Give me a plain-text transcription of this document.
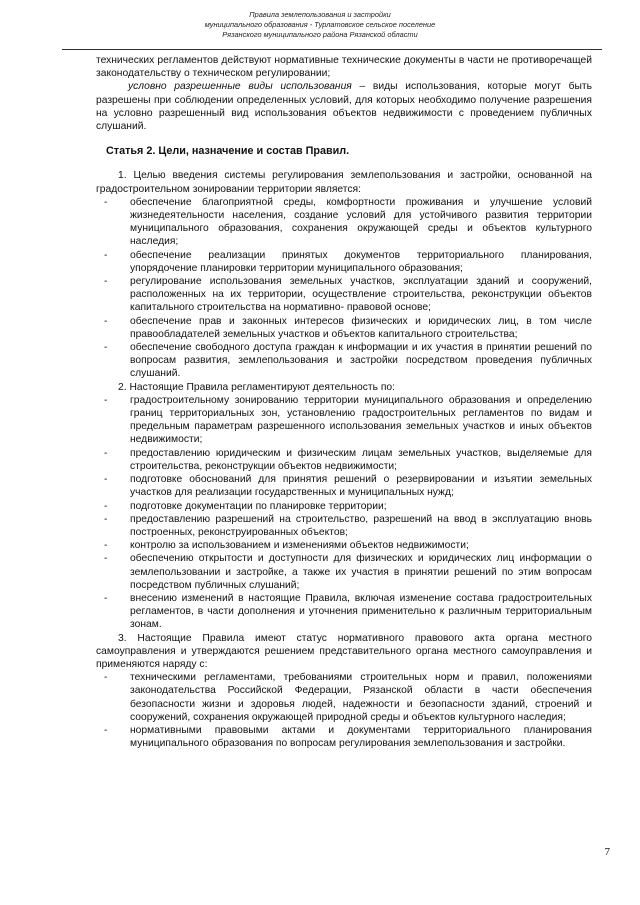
Правила землепользования и застройки
муниципального образования - Турлатовское сельское поселение
Рязанского муниципального района Рязанской области

технических регламентов действуют нормативные технические документы в части не противоречащей законодательству о техническом регулировании;

условно разрешенные виды использования – виды использования, которые могут быть разрешены при соблюдении определенных условий, для которых необходимо получение разрешения на условно разрешенный вид использования объектов недвижимости с проведением публичных слушаний.

Статья 2. Цели, назначение и состав Правил.

1. Целью введения системы регулирования землепользования и застройки, основанной на градостроительном зонировании территории является:

- обеспечение благоприятной среды, комфортности проживания и улучшение условий жизнедеятельности населения, создание условий для устойчивого развития территории муниципального образования, сохранения окружающей среды и объектов культурного наследия;
- обеспечение реализации принятых документов территориального планирования, упорядочение планировки территории муниципального образования;
- регулирование использования земельных участков, эксплуатации зданий и сооружений, расположенных на их территории, осуществление строительства, реконструкции объектов капитального строительства на нормативно- правовой основе;
- обеспечение прав и законных интересов физических и юридических лиц, в том числе правообладателей земельных участков и объектов капитального строительства;
- обеспечение свободного доступа граждан к информации и их участия в принятии решений по вопросам развития, землепользования и застройки посредством проведения публичных слушаний.

2. Настоящие Правила регламентируют деятельность по:

- градостроительному зонированию территории муниципального образования и определению границ территориальных зон, установлению градостроительных регламентов по видам и предельным параметрам разрешенного использования земельных участков и иных объектов недвижимости;
- предоставлению юридическим и физическим лицам земельных участков, выделяемые для строительства, реконструкции объектов недвижимости;
- подготовке обоснований для принятия решений о резервировании и изъятии земельных участков для реализации государственных и муниципальных нужд;
- подготовке документации по планировке территории;
- предоставлению разрешений на строительство, разрешений на ввод в эксплуатацию вновь построенных, реконструированных объектов;
- контролю за использованием и изменениями объектов недвижимости;
- обеспечению открытости и доступности для физических и юридических лиц информации о землепользовании и застройке, а также их участия в принятии решений по этим вопросам посредством публичных слушаний;
- внесению изменений в настоящие Правила, включая изменение состава градостроительных регламентов, в части дополнения и уточнения применительно к различным территориальным зонам.

3. Настоящие Правила имеют статус нормативного правового акта органа местного самоуправления и утверждаются решением представительного органа местного самоуправления и применяются наряду с:

- техническими регламентами, требованиями строительных норм и правил, положениями законодательства Российской Федерации, Рязанской области в части обеспечения безопасности жизни и здоровья людей, надежности и безопасности зданий, строений и сооружений, сохранения окружающей природной среды и объектов культурного наследия;
- нормативными правовыми актами и документами территориального планирования муниципального образования по вопросам регулирования землепользования и застройки.
7
